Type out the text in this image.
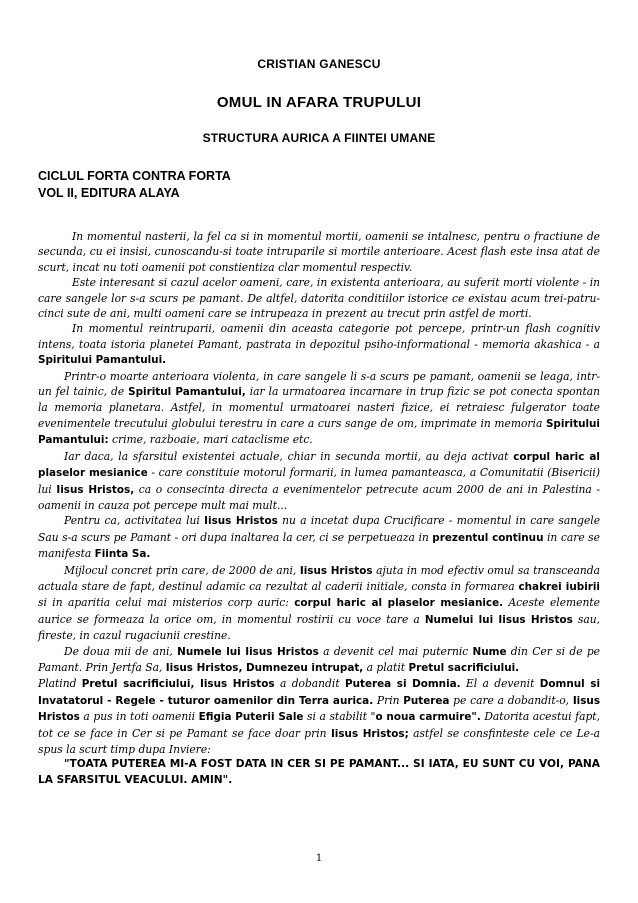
CRISTIAN GANESCU
OMUL IN AFARA TRUPULUI
STRUCTURA AURICA A FIINTEI UMANE
CICLUL FORTA CONTRA FORTA
VOL II, EDITURA ALAYA

In momentul nasterii, la fel ca si in momentul mortii, oamenii se intalnesc, pentru o fractiune de secunda, cu ei insisi, cunoscandu-si toate intruparile si mortile anterioare. Acest flash este insa atat de scurt, incat nu toti oamenii pot constientiza clar momentul respectiv.

Este interesant si cazul acelor oameni, care, in existenta anterioara, au suferit morti violente - in care sangele lor s-a scurs pe pamant. De altfel, datorita conditiilor istorice ce existau acum trei-patru-cinci sute de ani, multi oameni care se intrupeaza in prezent au trecut prin astfel de morti.

In momentul reintruparii, oamenii din aceasta categorie pot percepe, printr-un flash cognitiv intens, toata istoria planetei Pamant, pastrata in depozitul psiho-informational - memoria akashica - a Spiritului Pamantului.

Printr-o moarte anterioara violenta, in care sangele li s-a scurs pe pamant, oamenii se leaga, intr-un fel tainic, de Spiritul Pamantului, iar la urmatoarea incarnare in trup fizic se pot conecta spontan la memoria planetara. Astfel, in momentul urmatoarei nasteri fizice, ei retraiesc fulgerator toate evenimentele trecutului globului terestru in care a curs sange de om, imprimate in memoria Spiritului Pamantului: crime, razboaie, mari cataclisme etc.

Iar daca, la sfarsitul existentei actuale, chiar in secunda mortii, au deja activat corpul haric al plaselor mesianice - care constituie motorul formarii, in lumea pamanteasca, a Comunitatii (Bisericii) lui Iisus Hristos, ca o consecinta directa a evenimentelor petrecute acum 2000 de ani in Palestina - oamenii in cauza pot percepe mult mai mult...

Pentru ca, activitatea lui Iisus Hristos nu a incetat dupa Crucificare - momentul in care sangele Sau s-a scurs pe Pamant - ori dupa inaltarea la cer, ci se perpetueaza in prezentul continuu in care se manifesta Fiinta Sa.

Mijlocul concret prin care, de 2000 de ani, Iisus Hristos ajuta in mod efectiv omul sa transceanda actuala stare de fapt, destinul adamic ca rezultat al caderii initiale, consta in formarea chakrei iubirii si in aparitia celui mai misterios corp auric: corpul haric al plaselor mesianice. Aceste elemente aurice se formeaza la orice om, in momentul rostirii cu voce tare a Numelui lui Iisus Hristos sau, fireste, in cazul rugaciunii crestine.

De doua mii de ani, Numele lui Iisus Hristos a devenit cel mai puternic Nume din Cer si de pe Pamant. Prin Jertfa Sa, Iisus Hristos, Dumnezeu intrupat, a platit Pretul sacrificiului.

Platind Pretul sacrificiului, Iisus Hristos a dobandit Puterea si Domnia. El a devenit Domnul si Invatatorul - Regele - tuturor oamenilor din Terra aurica. Prin Puterea pe care a dobandit-o, Iisus Hristos a pus in toti oamenii Efigia Puterii Sale si a stabilit "o noua carmuire". Datorita acestui fapt, tot ce se face in Cer si pe Pamant se face doar prin Iisus Hristos; astfel se consfinteste cele ce Le-a spus la scurt timp dupa Inviere:

"TOATA PUTEREA MI-A FOST DATA IN CER SI PE PAMANT... SI IATA, EU SUNT CU VOI, PANA LA SFARSITUL VEACULUI. AMIN".

1
